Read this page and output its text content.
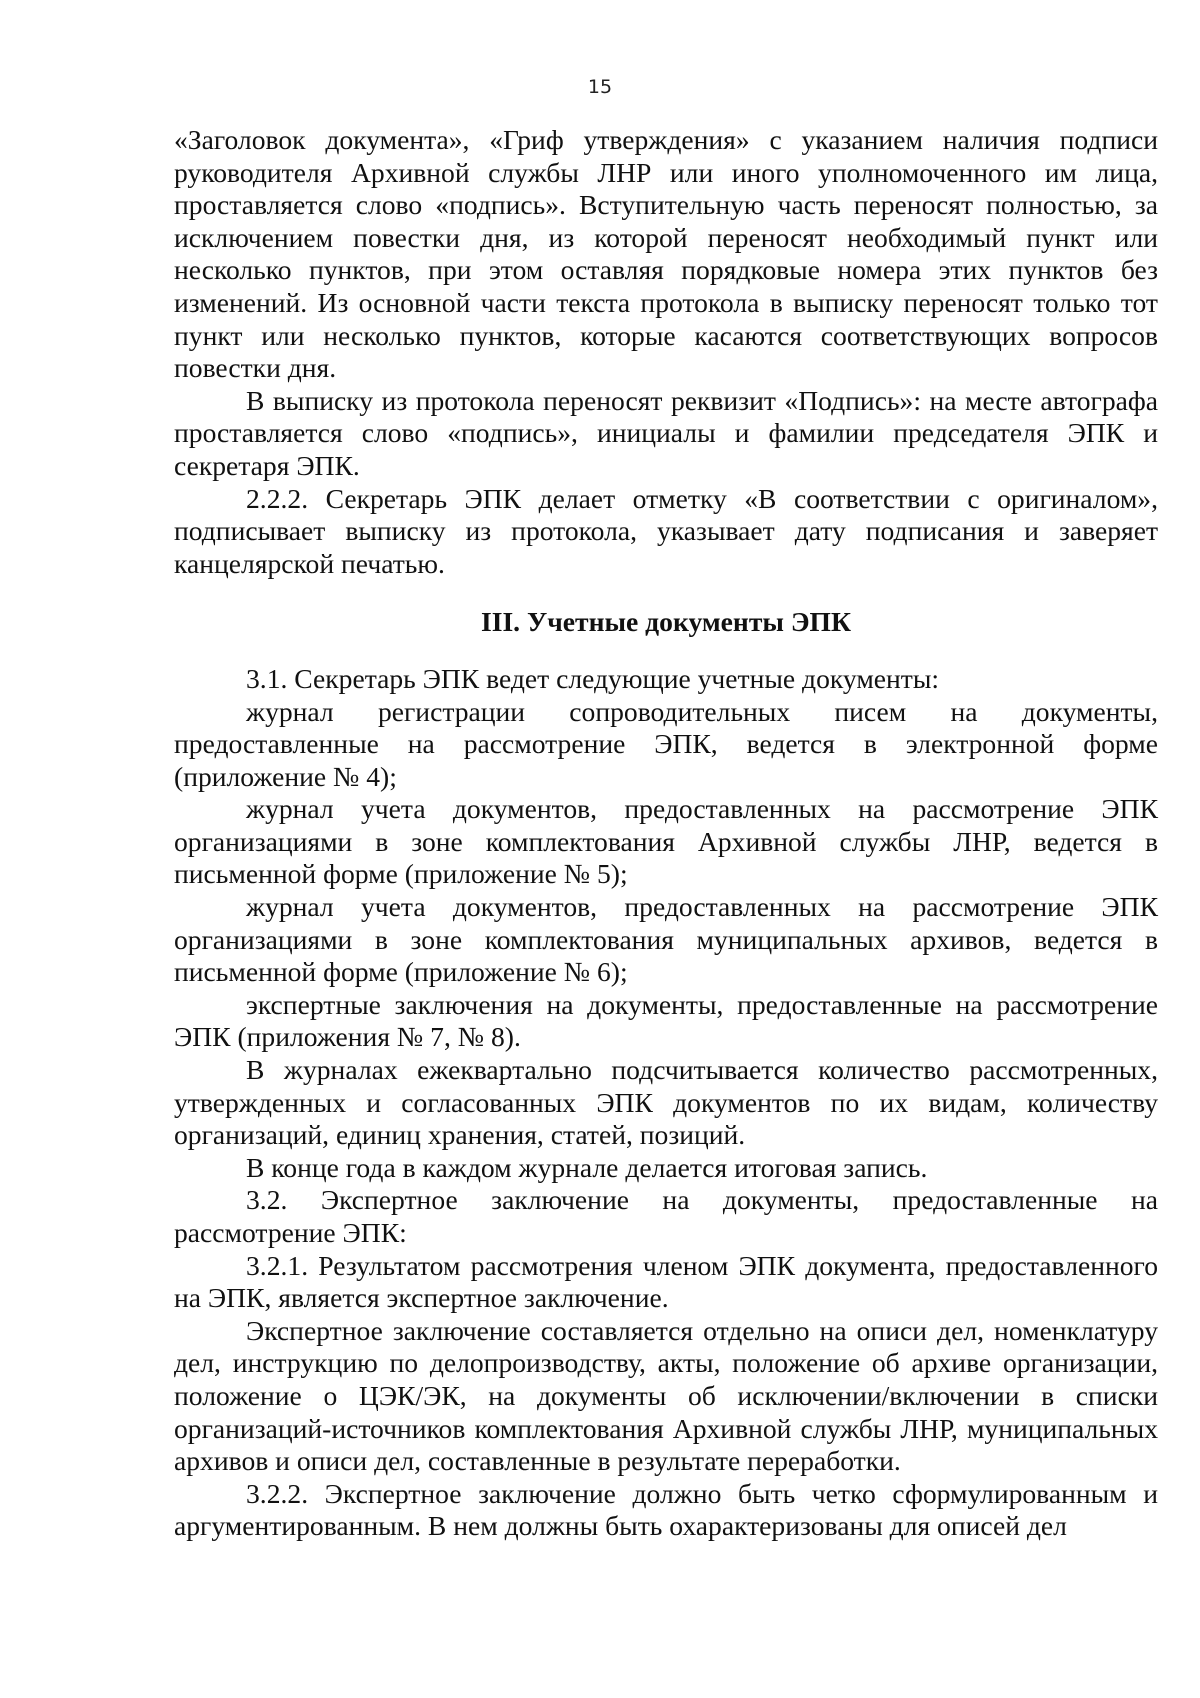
15

«Заголовок документа», «Гриф утверждения» с указанием наличия подписи руководителя Архивной службы ЛНР или иного уполномоченного им лица, проставляется слово «подпись». Вступительную часть переносят полностью, за исключением повестки дня, из которой переносят необходимый пункт или несколько пунктов, при этом оставляя порядковые номера этих пунктов без изменений. Из основной части текста протокола в выписку переносят только тот пункт или несколько пунктов, которые касаются соответствующих вопросов повестки дня.

В выписку из протокола переносят реквизит «Подпись»: на месте автографа проставляется слово «подпись», инициалы и фамилии председателя ЭПК и секретаря ЭПК.

2.2.2. Секретарь ЭПК делает отметку «В соответствии с оригиналом», подписывает выписку из протокола, указывает дату подписания и заверяет канцелярской печатью.

III. Учетные документы ЭПК

3.1. Секретарь ЭПК ведет следующие учетные документы:

журнал регистрации сопроводительных писем на документы, предоставленные на рассмотрение ЭПК, ведется в электронной форме (приложение № 4);

журнал учета документов, предоставленных на рассмотрение ЭПК организациями в зоне комплектования Архивной службы ЛНР, ведется в письменной форме (приложение № 5);

журнал учета документов, предоставленных на рассмотрение ЭПК организациями в зоне комплектования муниципальных архивов, ведется в письменной форме (приложение № 6);

экспертные заключения на документы, предоставленные на рассмотрение ЭПК (приложения № 7, № 8).

В журналах ежеквартально подсчитывается количество рассмотренных, утвержденных и согласованных ЭПК документов по их видам, количеству организаций, единиц хранения, статей, позиций.

В конце года в каждом журнале делается итоговая запись.

3.2. Экспертное заключение на документы, предоставленные на рассмотрение ЭПК:

3.2.1. Результатом рассмотрения членом ЭПК документа, предоставленного на ЭПК, является экспертное заключение.

Экспертное заключение составляется отдельно на описи дел, номенклатуру дел, инструкцию по делопроизводству, акты, положение об архиве организации, положение о ЦЭК/ЭК, на документы об исключении/включении в списки организаций-источников комплектования Архивной службы ЛНР, муниципальных архивов и описи дел, составленные в результате переработки.

3.2.2. Экспертное заключение должно быть четко сформулированным и аргументированным. В нем должны быть охарактеризованы для описей дел
